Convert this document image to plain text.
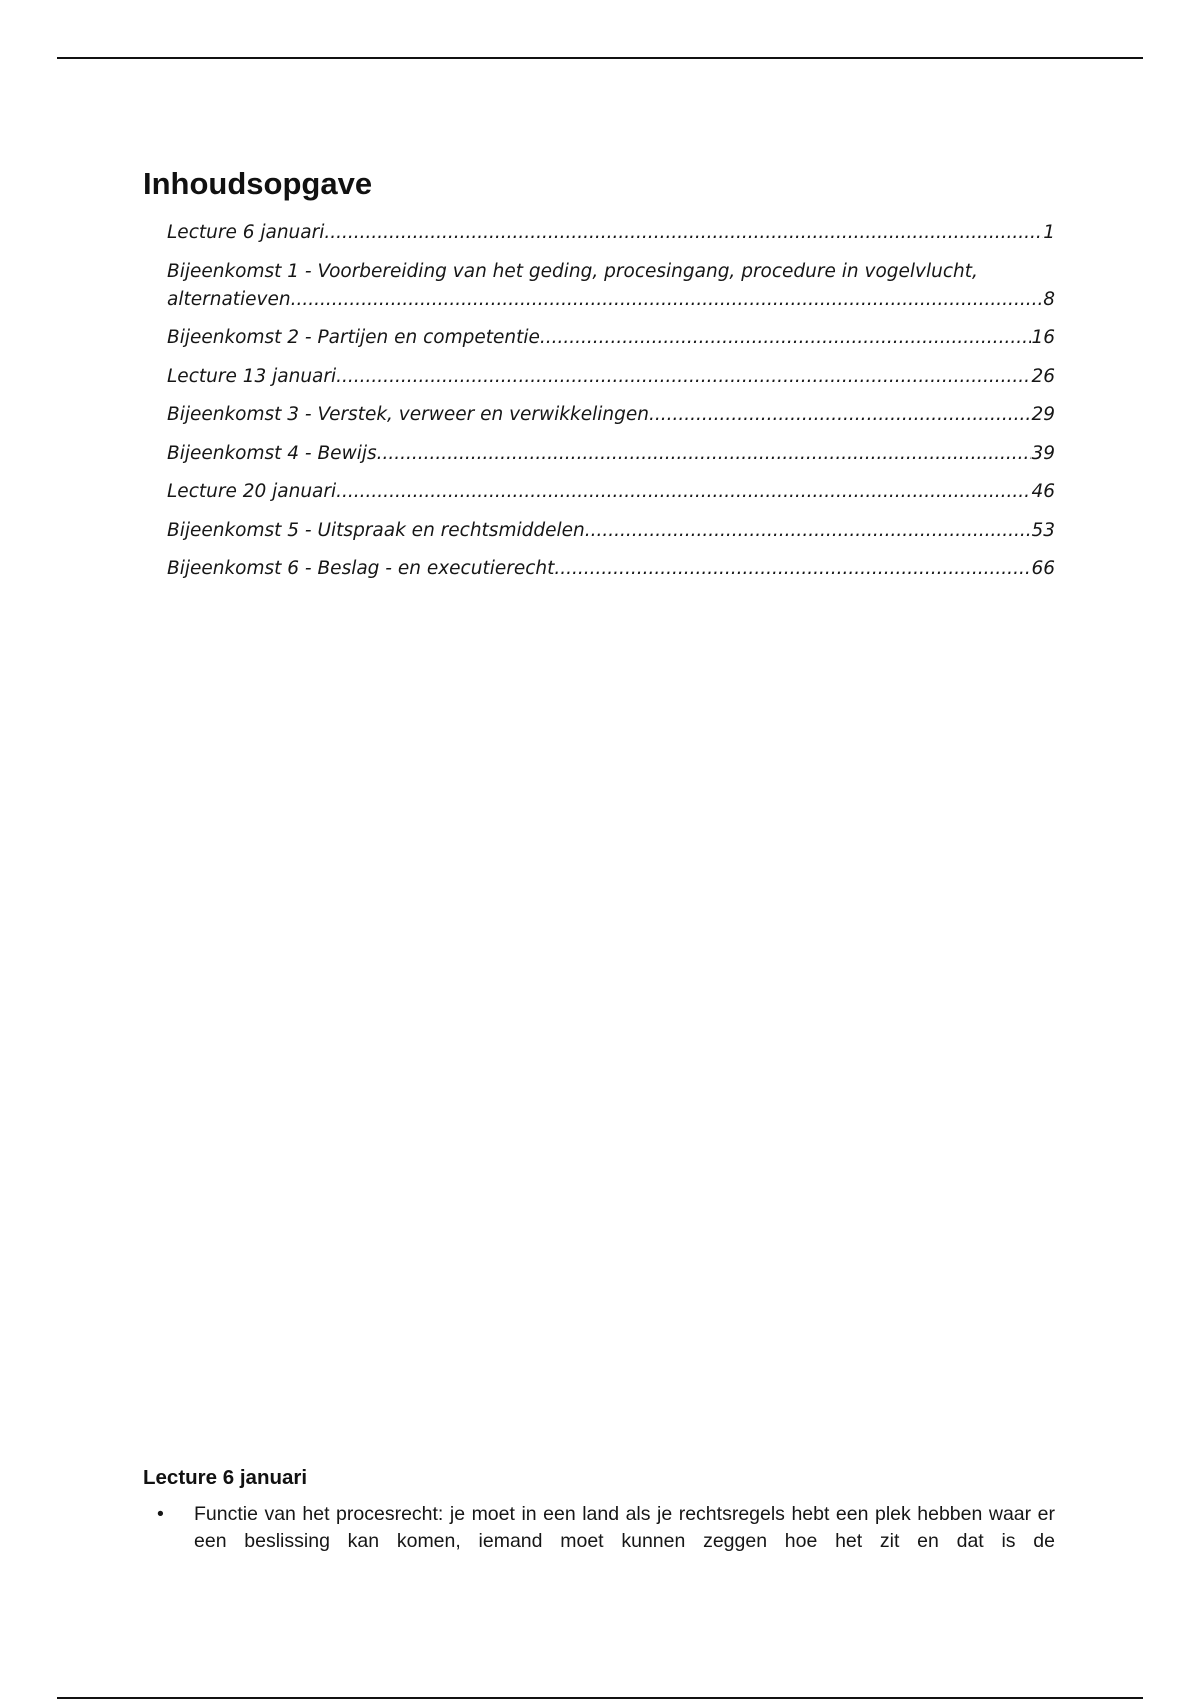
Inhoudsopgave
Lecture 6 januari .....	1
Bijeenkomst 1 - Voorbereiding van het geding, procesingang, procedure in vogelvlucht,
alternatieven .....	8
Bijeenkomst 2 - Partijen en competentie .....	16
Lecture 13 januari .....	26
Bijeenkomst 3 - Verstek, verweer en verwikkelingen .....	29
Bijeenkomst 4 - Bewijs .....	39
Lecture 20 januari .....	46
Bijeenkomst 5 - Uitspraak en rechtsmiddelen .....	53
Bijeenkomst 6 - Beslag - en executierecht .....	66
Lecture 6 januari
• Functie van het procesrecht: je moet in een land als je rechtsregels hebt een plek hebben waar er een beslissing kan komen, iemand moet kunnen zeggen hoe het zit en dat is de
